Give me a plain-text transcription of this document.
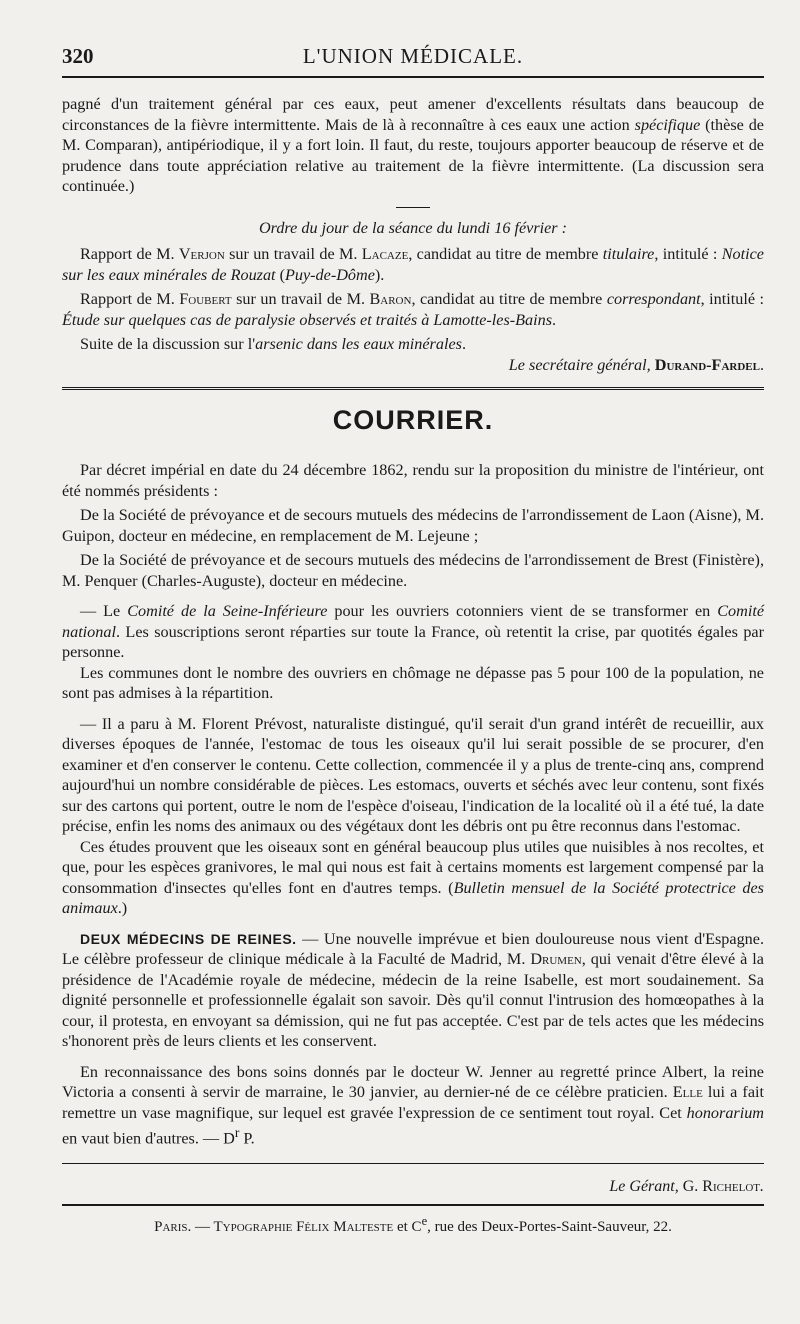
320	L'UNION MÉDICALE.

pagné d'un traitement général par ces eaux, peut amener d'excellents résultats dans beaucoup de circonstances de la fièvre intermittente. Mais de là à reconnaître à ces eaux une action spécifique (thèse de M. Comparan), antipériodique, il y a fort loin. Il faut, du reste, toujours apporter beaucoup de réserve et de prudence dans toute appréciation relative au traitement de la fièvre intermittente. (La discussion sera continuée.)

Ordre du jour de la séance du lundi 16 février :

Rapport de M. Verjon sur un travail de M. Lacaze, candidat au titre de membre titulaire, intitulé : Notice sur les eaux minérales de Rouzat (Puy-de-Dôme).

Rapport de M. Foubert sur un travail de M. Baron, candidat au titre de membre correspondant, intitulé : Étude sur quelques cas de paralysie observés et traités à Lamotte-les-Bains.

Suite de la discussion sur l'arsenic dans les eaux minérales.

Le secrétaire général, Durand-Fardel.
COURRIER.

Par décret impérial en date du 24 décembre 1862, rendu sur la proposition du ministre de l'intérieur, ont été nommés présidents :

De la Société de prévoyance et de secours mutuels des médecins de l'arrondissement de Laon (Aisne), M. Guipon, docteur en médecine, en remplacement de M. Lejeune ;

De la Société de prévoyance et de secours mutuels des médecins de l'arrondissement de Brest (Finistère), M. Penquer (Charles-Auguste), docteur en médecine.

— Le Comité de la Seine-Inférieure pour les ouvriers cotonniers vient de se transformer en Comité national. Les souscriptions seront réparties sur toute la France, où retentit la crise, par quotités égales par personne.

Les communes dont le nombre des ouvriers en chômage ne dépasse pas 5 pour 100 de la population, ne sont pas admises à la répartition.

— Il a paru à M. Florent Prévost, naturaliste distingué, qu'il serait d'un grand intérêt de recueillir, aux diverses époques de l'année, l'estomac de tous les oiseaux qu'il lui serait possible de se procurer, d'en examiner et d'en conserver le contenu. Cette collection, commencée il y a plus de trente-cinq ans, comprend aujourd'hui un nombre considérable de pièces. Les estomacs, ouverts et séchés avec leur contenu, sont fixés sur des cartons qui portent, outre le nom de l'espèce d'oiseau, l'indication de la localité où il a été tué, la date précise, enfin les noms des animaux ou des végétaux dont les débris ont pu être reconnus dans l'estomac.

Ces études prouvent que les oiseaux sont en général beaucoup plus utiles que nuisibles à nos recoltes, et que, pour les espèces granivores, le mal qui nous est fait à certains moments est largement compensé par la consommation d'insectes qu'elles font en d'autres temps. (Bulletin mensuel de la Société protectrice des animaux.)

DEUX MÉDECINS DE REINES. — Une nouvelle imprévue et bien douloureuse nous vient d'Espagne. Le célèbre professeur de clinique médicale à la Faculté de Madrid, M. Drumen, qui venait d'être élevé à la présidence de l'Académie royale de médecine, médecin de la reine Isabelle, est mort soudainement. Sa dignité personnelle et professionnelle égalait son savoir. Dès qu'il connut l'intrusion des homœopathes à la cour, il protesta, en envoyant sa démission, qui ne fut pas acceptée. C'est par de tels actes que les médecins s'honorent près de leurs clients et les conservent.

En reconnaissance des bons soins donnés par le docteur W. Jenner au regretté prince Albert, la reine Victoria a consenti à servir de marraine, le 30 janvier, au dernier-né de ce célèbre praticien. Elle lui a fait remettre un vase magnifique, sur lequel est gravée l'expression de ce sentiment tout royal. Cet honorarium en vaut bien d'autres. — $D^r$ P.

Le Gérant, G. Richelot.
Paris. — Typographie Félix Malteste et Ce, rue des Deux-Portes-Saint-Sauveur, 22.
